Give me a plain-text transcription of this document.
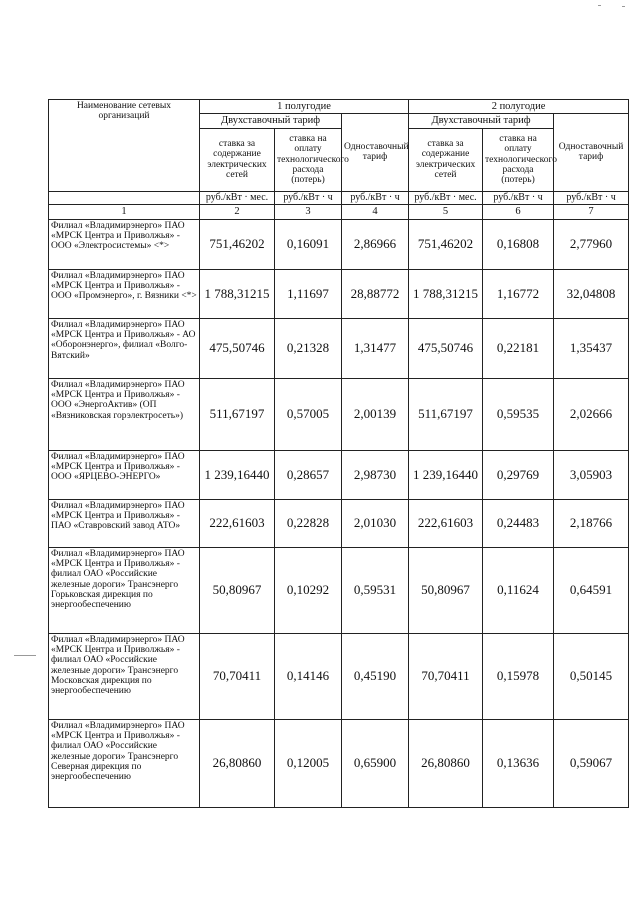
Наименование сетевых организаций	1 полугодие			2 полугодие		
	Двухставочный тариф		Одноставочный тариф	Двухставочный тариф		Одноставочный тариф
	ставка за содержание электрических сетей	ставка на оплату технологического расхода (потерь)		ставка за содержание электрических сетей	ставка на оплату технологического расхода (потерь)	
	руб./кВт · мес.	руб./кВт · ч	руб./кВт · ч	руб./кВт · мес.	руб./кВт · ч	руб./кВт · ч
1	2	3	4	5	6	7
Филиал «Владимирэнерго» ПАО «МРСК Центра и Приволжья» - ООО «Электросистемы» <*>	751,46202	0,16091	2,86966	751,46202	0,16808	2,77960
Филиал «Владимирэнерго» ПАО «МРСК Центра и Приволжья» - ООО «Промэнерго», г. Вязники <*>	1 788,31215	1,11697	28,88772	1 788,31215	1,16772	32,04808
Филиал «Владимирэнерго» ПАО «МРСК Центра и Приволжья» - АО «Оборонэнерго», филиал «Волго-Вятский»	475,50746	0,21328	1,31477	475,50746	0,22181	1,35437
Филиал «Владимирэнерго» ПАО «МРСК Центра и Приволжья» - ООО «ЭнергоАктив» (ОП «Вязниковская горэлектросеть»)	511,67197	0,57005	2,00139	511,67197	0,59535	2,02666
Филиал «Владимирэнерго» ПАО «МРСК Центра и Приволжья» - ООО «ЯРЦЕВО-ЭНЕРГО»	1 239,16440	0,28657	2,98730	1 239,16440	0,29769	3,05903
Филиал «Владимирэнерго» ПАО «МРСК Центра и Приволжья» - ПАО «Ставровский завод АТО»	222,61603	0,22828	2,01030	222,61603	0,24483	2,18766
Филиал «Владимирэнерго» ПАО «МРСК Центра и Приволжья» - филиал ОАО «Российские железные дороги» Трансэнерго Горьковская дирекция по энергообеспечению	50,80967	0,10292	0,59531	50,80967	0,11624	0,64591
Филиал «Владимирэнерго» ПАО «МРСК Центра и Приволжья» - филиал ОАО «Российские железные дороги» Трансэнерго Московская дирекция по энергообеспечению	70,70411	0,14146	0,45190	70,70411	0,15978	0,50145
Филиал «Владимирэнерго» ПАО «МРСК Центра и Приволжья» - филиал ОАО «Российские железные дороги» Трансэнерго Северная дирекция по энергообеспечению	26,80860	0,12005	0,65900	26,80860	0,13636	0,59067
